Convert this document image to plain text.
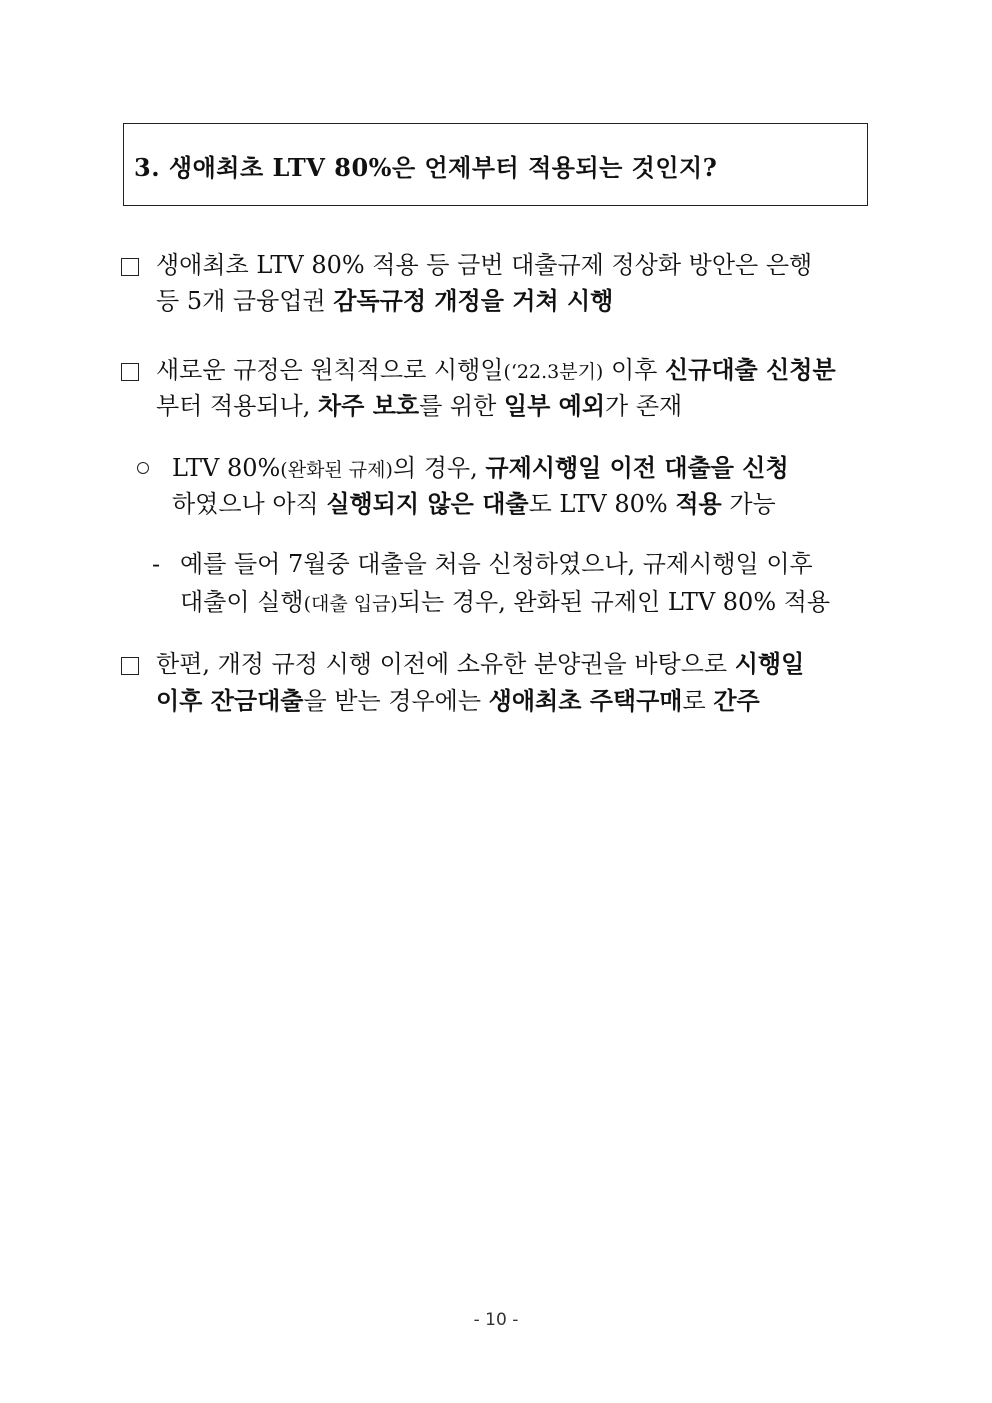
3. 생애최초 LTV 80%은 언제부터 적용되는 것인지?
생애최초 LTV 80% 적용 등 금번 대출규제 정상화 방안은 은행
등 5개 금융업권 감독규정 개정을 거쳐 시행
새로운 규정은 원칙적으로 시행일(‘22.3분기) 이후 신규대출 신청분
부터 적용되나, 차주 보호를 위한 일부 예외가 존재
LTV 80%(완화된 규제)의 경우, 규제시행일 이전 대출을 신청
하였으나 아직 실행되지 않은 대출도 LTV 80% 적용 가능
- 예를 들어 7월중 대출을 처음 신청하였으나, 규제시행일 이후
대출이 실행(대출 입금)되는 경우, 완화된 규제인 LTV 80% 적용
한편, 개정 규정 시행 이전에 소유한 분양권을 바탕으로 시행일
이후 잔금대출을 받는 경우에는 생애최초 주택구매로 간주
- 10 -
